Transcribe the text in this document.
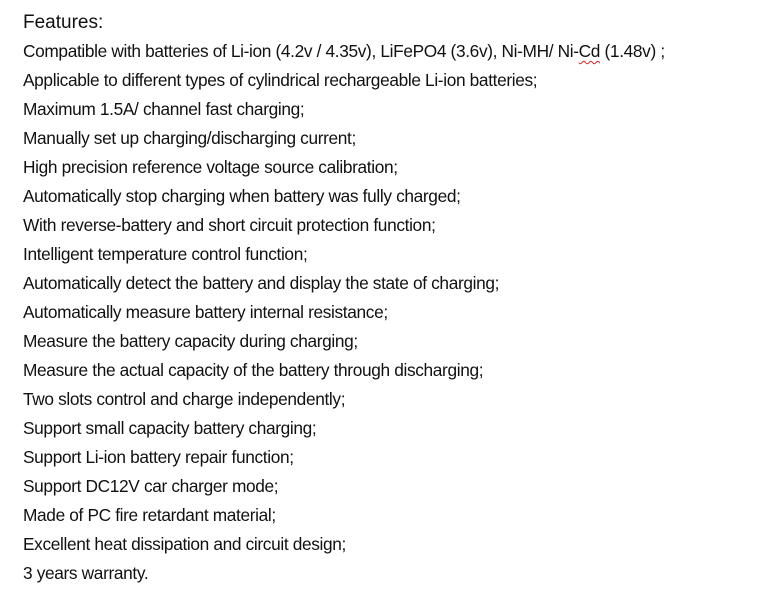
Features:
Compatible with batteries of Li-ion (4.2v / 4.35v), LiFePO4 (3.6v), Ni-MH/ Ni-Cd (1.48v) ;
Applicable to different types of cylindrical rechargeable Li-ion batteries;
Maximum 1.5A/ channel fast charging;
Manually set up charging/discharging current;
High precision reference voltage source calibration;
Automatically stop charging when battery was fully charged;
With reverse-battery and short circuit protection function;
Intelligent temperature control function;
Automatically detect the battery and display the state of charging;
Automatically measure battery internal resistance;
Measure the battery capacity during charging;
Measure the actual capacity of the battery through discharging;
Two slots control and charge independently;
Support small capacity battery charging;
Support Li-ion battery repair function;
Support DC12V car charger mode;
Made of PC fire retardant material;
Excellent heat dissipation and circuit design;
3 years warranty.
